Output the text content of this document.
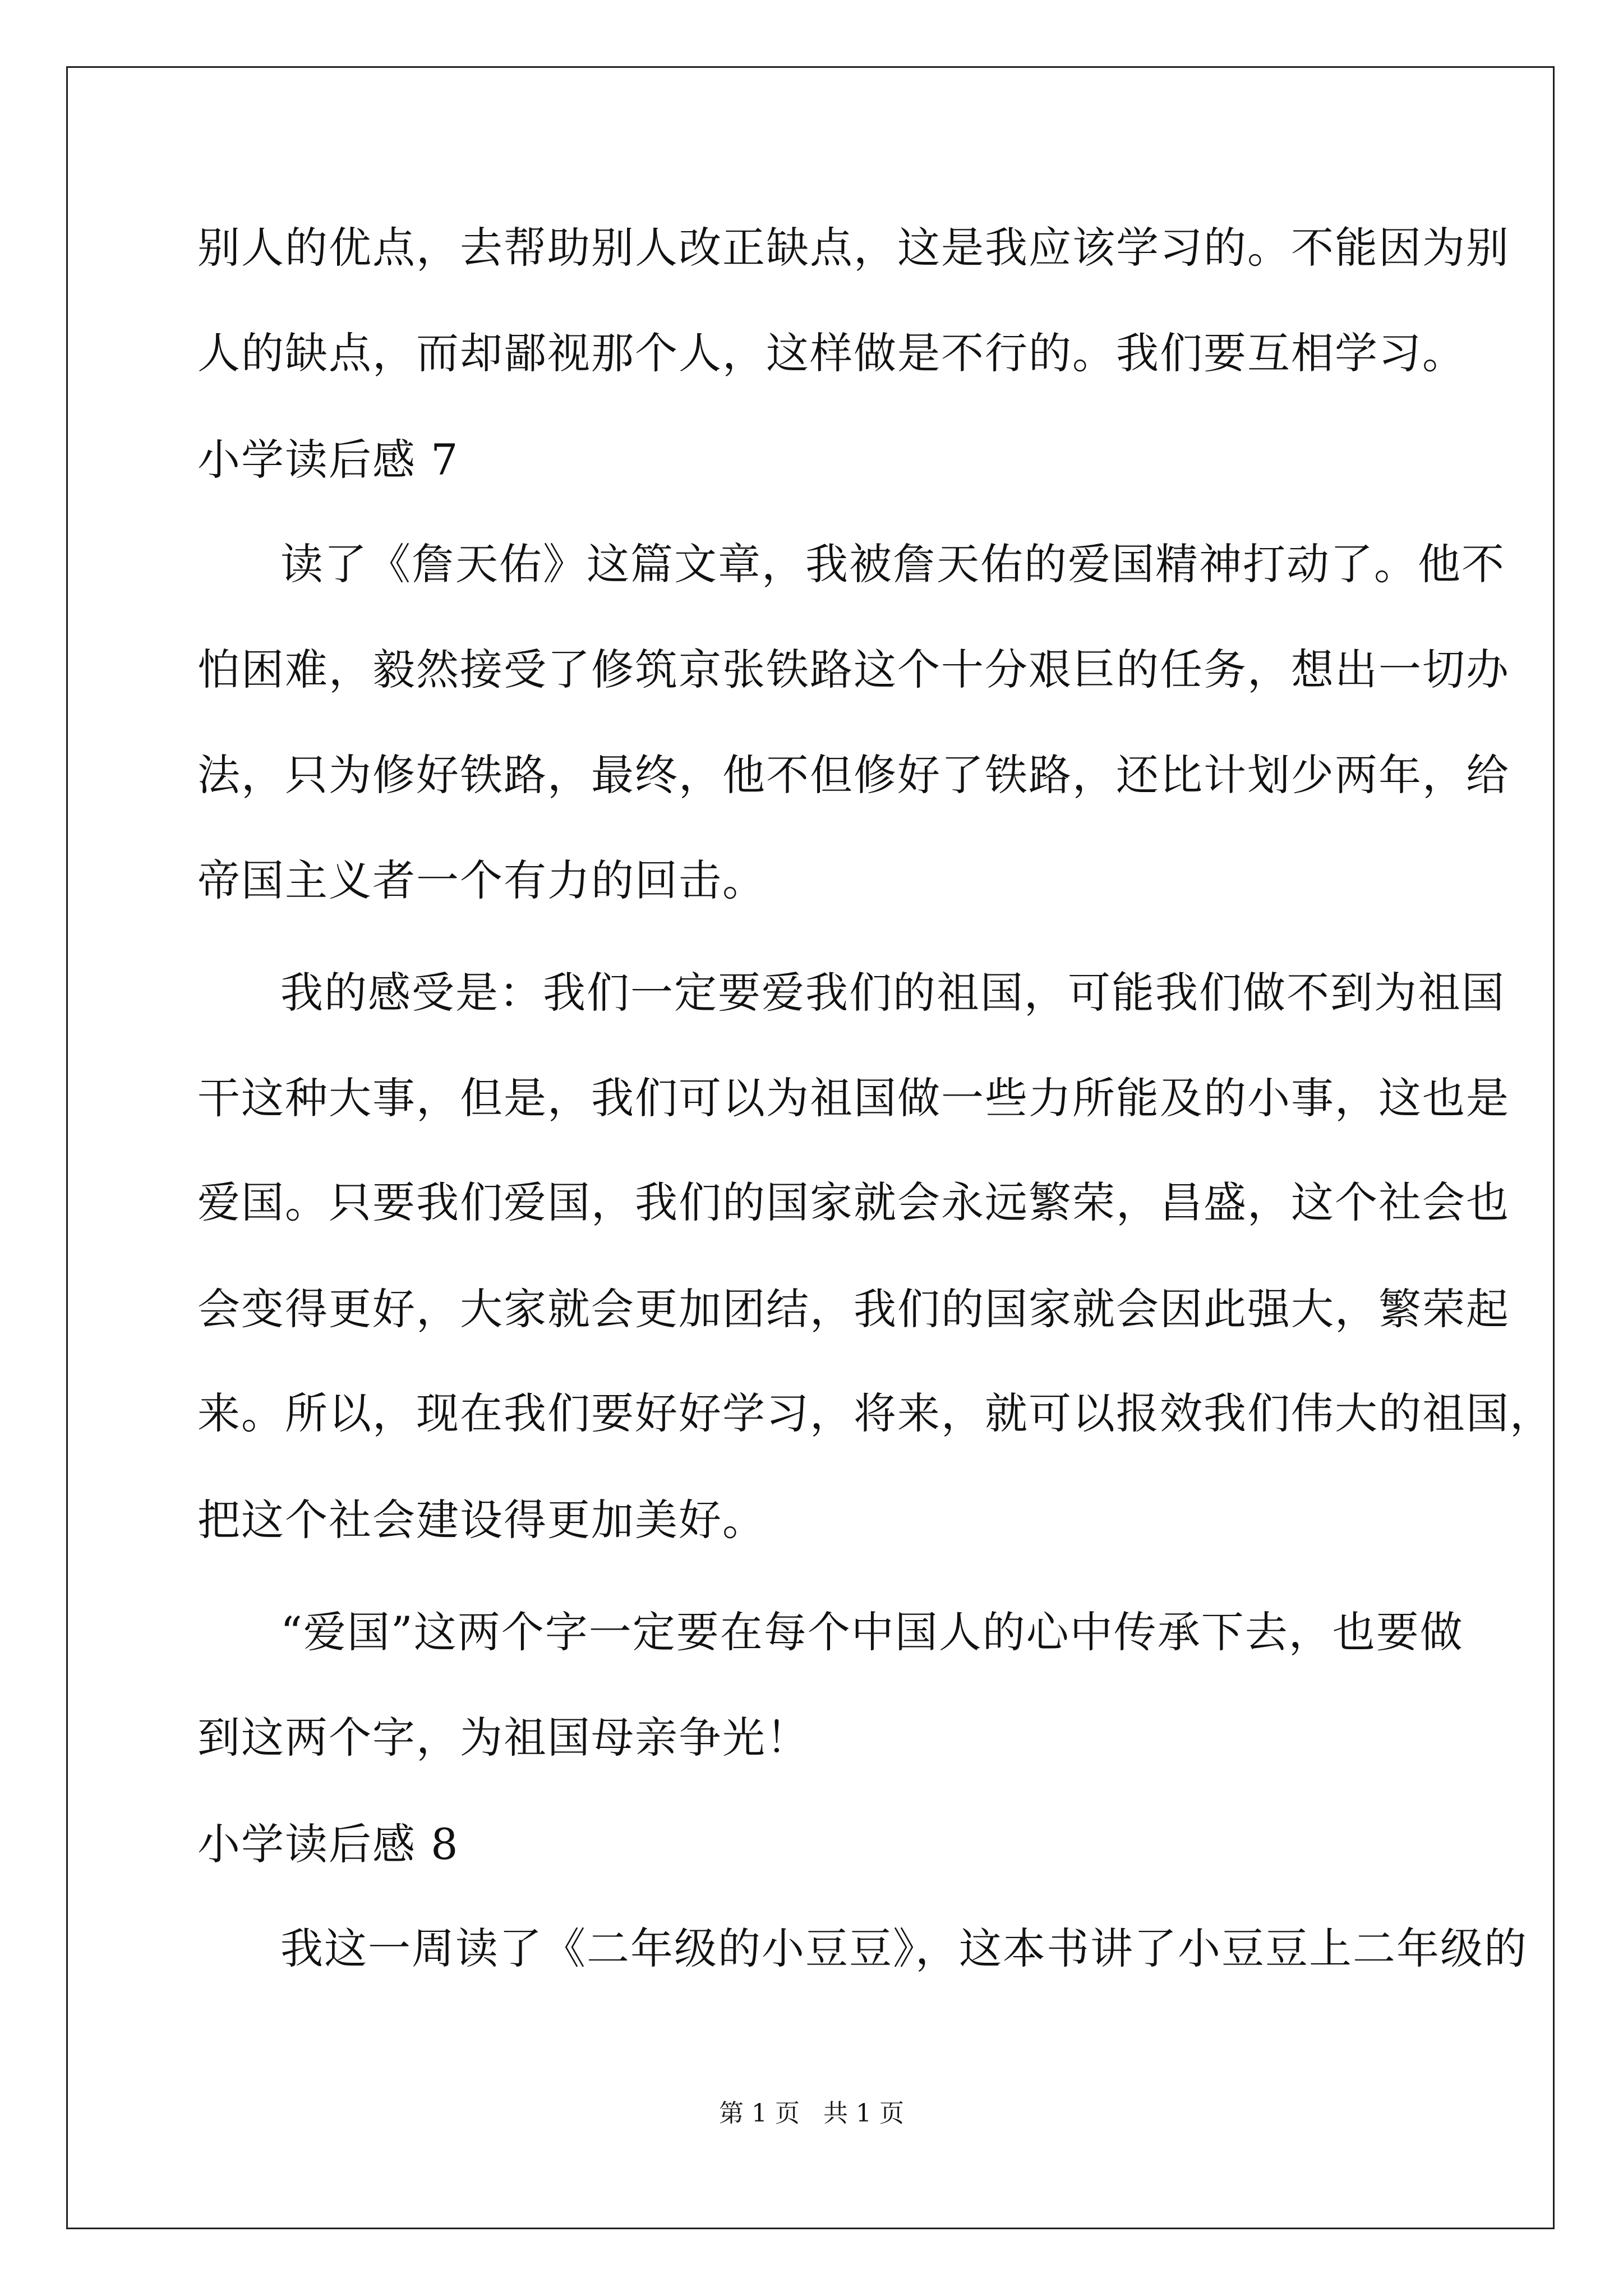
别人的优点，去帮助别人改正缺点，这是我应该学习的。不能因为别
人的缺点，而却鄙视那个人，这样做是不行的。我们要互相学习。
小学读后感 7
读了《詹天佑》这篇文章，我被詹天佑的爱国精神打动了。他不
怕困难，毅然接受了修筑京张铁路这个十分艰巨的任务，想出一切办
法，只为修好铁路，最终，他不但修好了铁路，还比计划少两年，给
帝国主义者一个有力的回击。
我的感受是：我们一定要爱我们的祖国，可能我们做不到为祖国
干这种大事，但是，我们可以为祖国做一些力所能及的小事，这也是
爱国。只要我们爱国，我们的国家就会永远繁荣，昌盛，这个社会也
会变得更好，大家就会更加团结，我们的国家就会因此强大，繁荣起
来。所以，现在我们要好好学习，将来，就可以报效我们伟大的祖国，
把这个社会建设得更加美好。
“爱国”这两个字一定要在每个中国人的心中传承下去，也要做
到这两个字，为祖国母亲争光！
小学读后感 8
我这一周读了《二年级的小豆豆》，这本书讲了小豆豆上二年级的
第 1 页   共 1 页
